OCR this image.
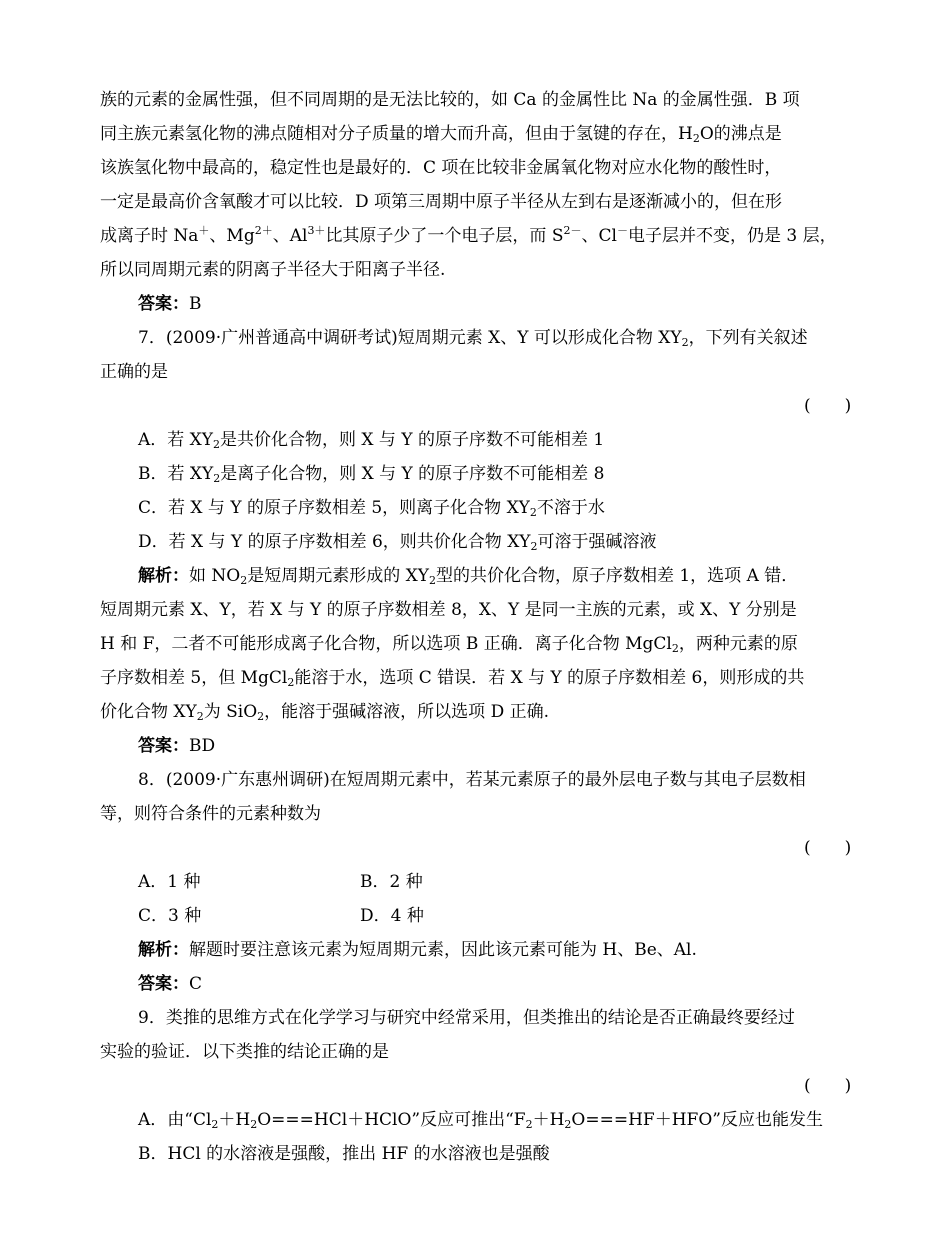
族的元素的金属性强，但不同周期的是无法比较的，如 Ca 的金属性比 Na 的金属性强．B 项
同主族元素氢化物的沸点随相对分子质量的增大而升高，但由于氢键的存在，$H_2O$的沸点是
该族氢化物中最高的，稳定性也是最好的．C 项在比较非金属氧化物对应水化物的酸性时，
一定是最高价含氧酸才可以比较．D 项第三周期中原子半径从左到右是逐渐减小的，但在形
成离子时 Na＋、$Mg^{2+}$、$Al^{3+}$比其原子少了一个电子层，而 $S^{2-}$、Cl－电子层并不变，仍是 3 层，
所以同周期元素的阴离子半径大于阳离子半径.
答案：B
7．(2009·广州普通高中调研考试)短周期元素 X、Y 可以形成化合物 $XY_2$，下列有关叙述
正确的是
(　　)
A．若 $XY_2$是共价化合物，则 X 与 Y 的原子序数不可能相差 1
B．若 $XY_2$是离子化合物，则 X 与 Y 的原子序数不可能相差 8
C．若 X 与 Y 的原子序数相差 5，则离子化合物 $XY_2$不溶于水
D．若 X 与 Y 的原子序数相差 6，则共价化合物 $XY_2$可溶于强碱溶液
解析：如 $NO_2$是短周期元素形成的 $XY_2$型的共价化合物，原子序数相差 1，选项 A 错．
短周期元素 X、Y，若 X 与 Y 的原子序数相差 8，X、Y 是同一主族的元素，或 X、Y 分别是
H 和 F，二者不可能形成离子化合物，所以选项 B 正确．离子化合物 MgCl$_2$，两种元素的原
子序数相差 5，但 MgCl$_2$能溶于水，选项 C 错误．若 X 与 Y 的原子序数相差 6，则形成的共
价化合物 $XY_2$为 SiO$_2$，能溶于强碱溶液，所以选项 D 正确.
答案：BD
8．(2009·广东惠州调研)在短周期元素中，若某元素原子的最外层电子数与其电子层数相
等，则符合条件的元素种数为
(　　)
A．1 种	B．2 种
C．3 种	D．4 种
解析：解题时要注意该元素为短周期元素，因此该元素可能为 H、Be、Al.
答案：C
9．类推的思维方式在化学学习与研究中经常采用，但类推出的结论是否正确最终要经过
实验的验证．以下类推的结论正确的是
(　　)
A．由“$Cl_2+H_2O===HCl+HClO$”反应可推出“$F_2+H_2O===HF+HFO$”反应也能发生
B．HCl 的水溶液是强酸，推出 HF 的水溶液也是强酸
